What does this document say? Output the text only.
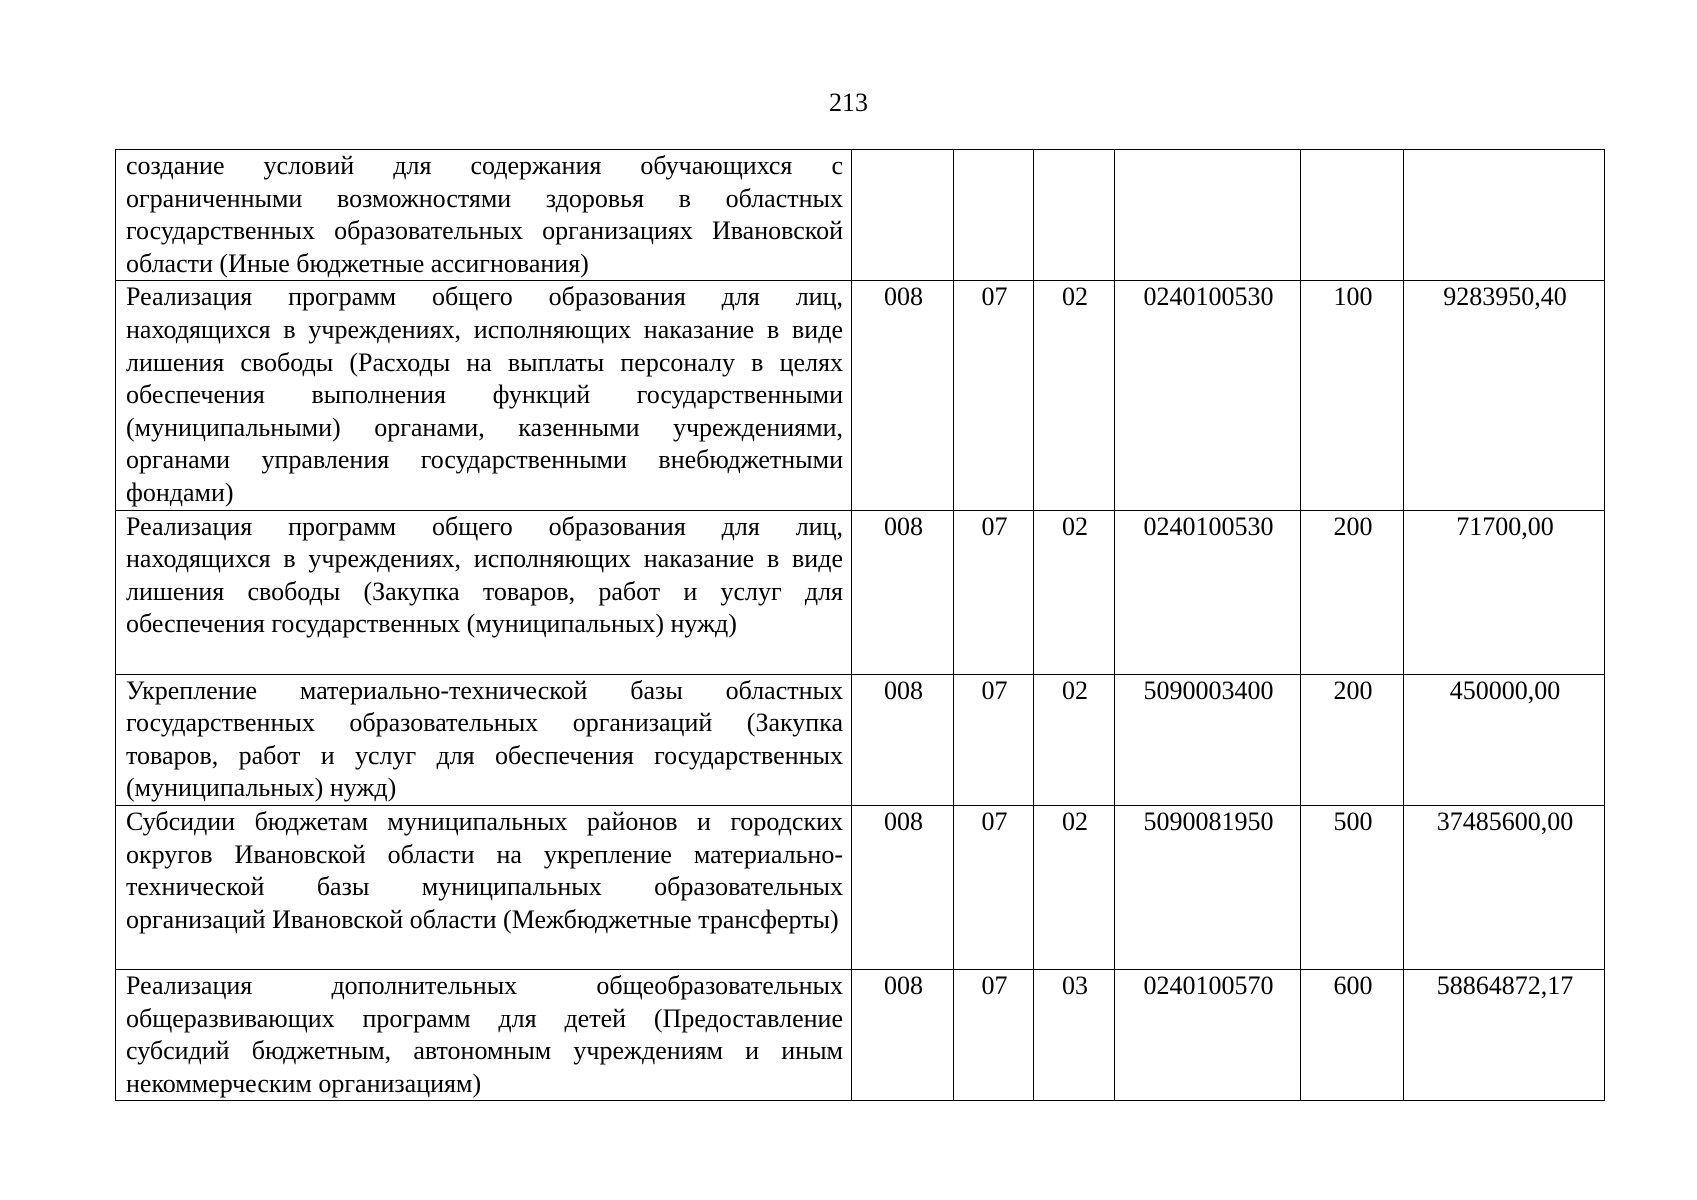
213
создание условий для содержания обучающихся с ограниченными возможностями здоровья в областных государственных образовательных организациях Ивановской области (Иные бюджетные ассигнования)						
Реализация программ общего образования для лиц, находящихся в учреждениях, исполняющих наказание в виде лишения свободы (Расходы на выплаты персоналу в целях обеспечения выполнения функций государственными (муниципальными) органами, казенными учреждениями, органами управления государственными внебюджетными фондами)	008	07	02	0240100530	100	9283950,40
Реализация программ общего образования для лиц, находящихся в учреждениях, исполняющих наказание в виде лишения свободы (Закупка товаров, работ и услуг для обеспечения государственных (муниципальных) нужд)	008	07	02	0240100530	200	71700,00
Укрепление материально-технической базы областных государственных образовательных организаций (Закупка товаров, работ и услуг для обеспечения государственных (муниципальных) нужд)	008	07	02	5090003400	200	450000,00
Субсидии бюджетам муниципальных районов и городских округов Ивановской области на укрепление материально-технической базы муниципальных образовательных организаций Ивановской области (Межбюджетные трансферты)	008	07	02	5090081950	500	37485600,00
Реализация дополнительных общеобразовательных общеразвивающих программ для детей (Предоставление субсидий бюджетным, автономным учреждениям и иным некоммерческим организациям)	008	07	03	0240100570	600	58864872,17
